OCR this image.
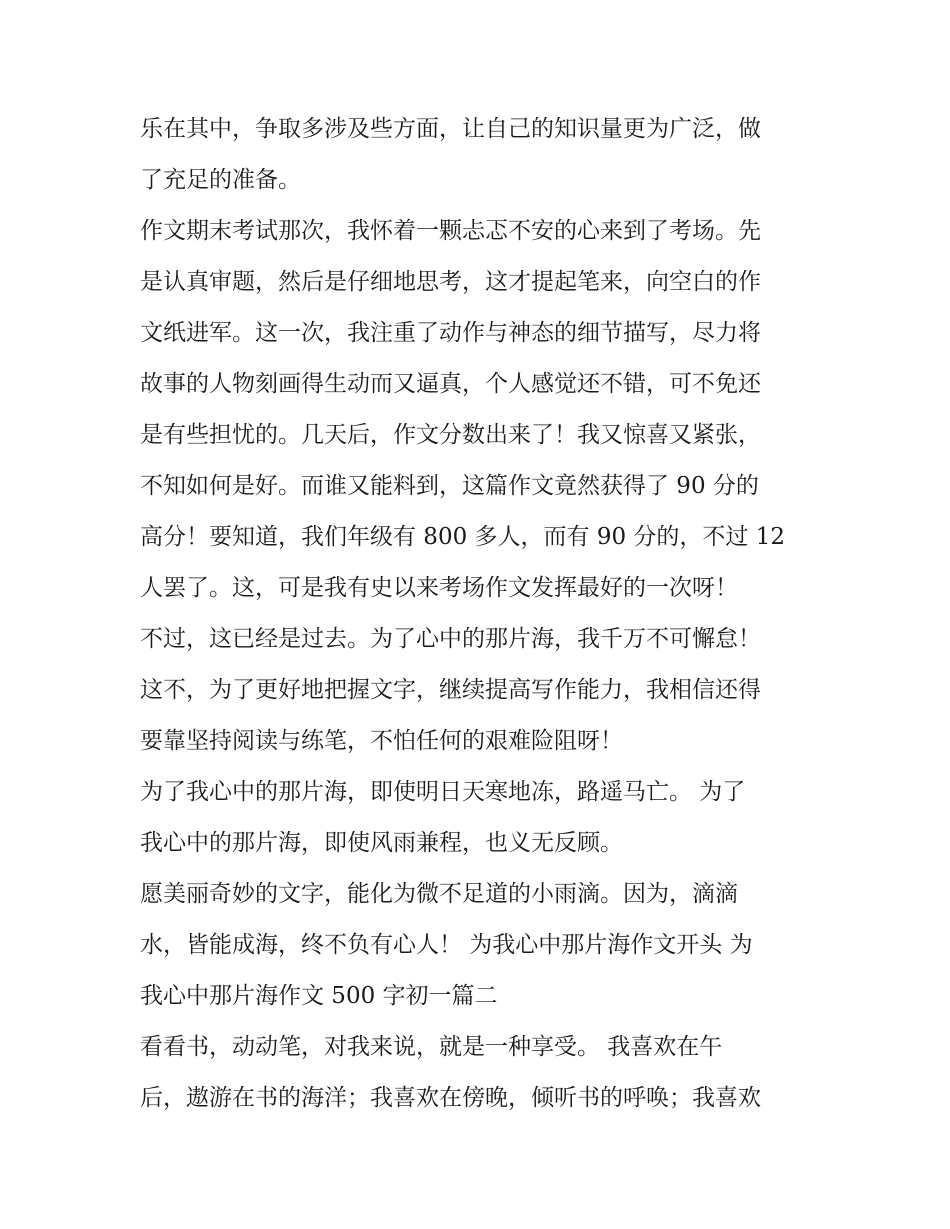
乐在其中，争取多涉及些方面，让自己的知识量更为广泛，做
了充足的准备。
作文期末考试那次，我怀着一颗忐忑不安的心来到了考场。先
是认真审题，然后是仔细地思考，这才提起笔来，向空白的作
文纸进军。这一次，我注重了动作与神态的细节描写，尽力将
故事的人物刻画得生动而又逼真，个人感觉还不错，可不免还
是有些担忧的。几天后，作文分数出来了！我又惊喜又紧张，
不知如何是好。而谁又能料到，这篇作文竟然获得了 90 分的
高分！要知道，我们年级有 800 多人，而有 90 分的，不过 12
人罢了。这，可是我有史以来考场作文发挥最好的一次呀！
不过，这已经是过去。为了心中的那片海，我千万不可懈怠！
这不，为了更好地把握文字，继续提高写作能力，我相信还得
要靠坚持阅读与练笔，不怕任何的艰难险阻呀！
为了我心中的那片海，即使明日天寒地冻，路遥马亡。 为了
我心中的那片海，即使风雨兼程，也义无反顾。
愿美丽奇妙的文字，能化为微不足道的小雨滴。因为，滴滴
水，皆能成海，终不负有心人！ 为我心中那片海作文开头 为
我心中那片海作文 500 字初一篇二
看看书，动动笔，对我来说，就是一种享受。 我喜欢在午
后，遨游在书的海洋；我喜欢在傍晚，倾听书的呼唤；我喜欢
